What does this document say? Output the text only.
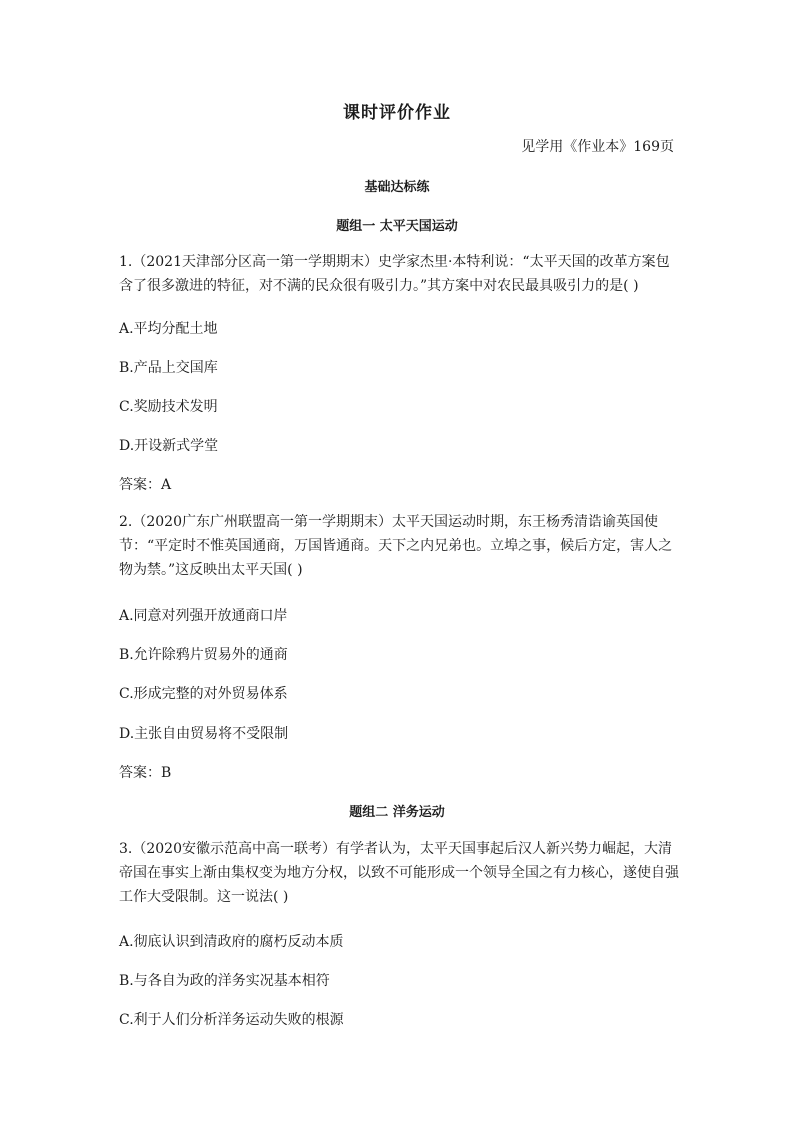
课时评价作业
见学用《作业本》169页
基础达标练
题组一 太平天国运动
1.（2021天津部分区高一第一学期期末）史学家杰里·本特利说：“太平天国的改革方案包含了很多激进的特征，对不满的民众很有吸引力。”其方案中对农民最具吸引力的是( )
A.平均分配土地
B.产品上交国库
C.奖励技术发明
D.开设新式学堂
答案：A
2.（2020广东广州联盟高一第一学期期末）太平天国运动时期，东王杨秀清诰谕英国使节：“平定时不惟英国通商，万国皆通商。天下之内兄弟也。立埠之事，候后方定，害人之物为禁。”这反映出太平天国( )
A.同意对列强开放通商口岸
B.允许除鸦片贸易外的通商
C.形成完整的对外贸易体系
D.主张自由贸易将不受限制
答案：B
题组二 洋务运动
3.（2020安徽示范高中高一联考）有学者认为，太平天国事起后汉人新兴势力崛起，大清帝国在事实上渐由集权变为地方分权，以致不可能形成一个领导全国之有力核心，遂使自强工作大受限制。这一说法( )
A.彻底认识到清政府的腐朽反动本质
B.与各自为政的洋务实况基本相符
C.利于人们分析洋务运动失败的根源
